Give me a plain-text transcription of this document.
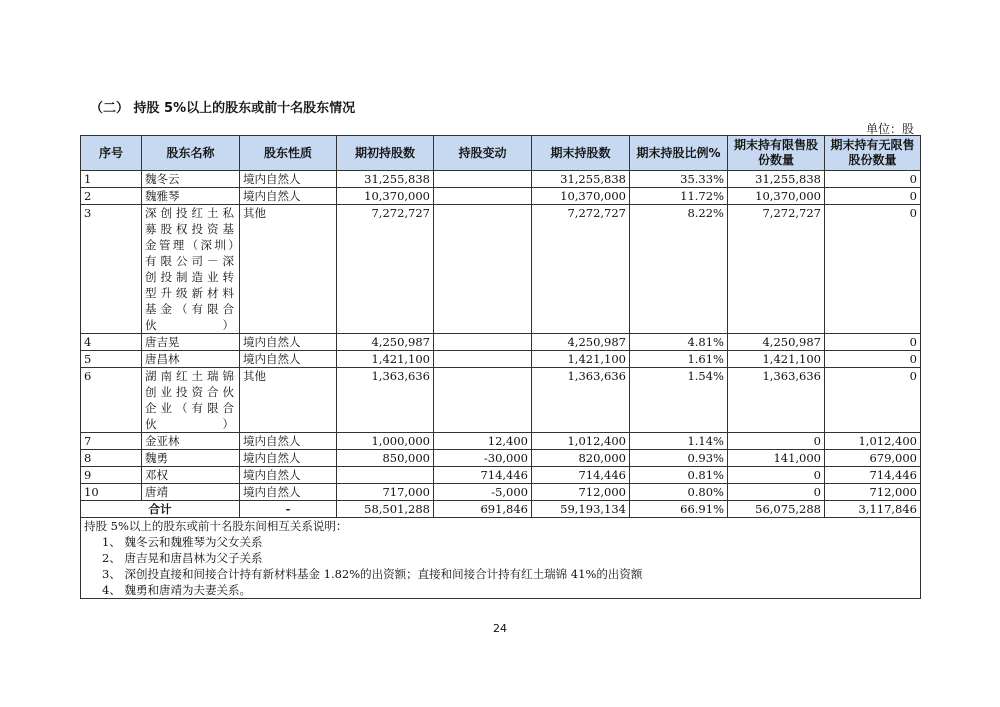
（二） 持股 5%以上的股东或前十名股东情况
单位：股
序号	股东名称	股东性质	期初持股数	持股变动	期末持股数	期末持股比例%	期末持有限售股份数量	期末持有无限售股份数量
1	魏冬云	境内自然人	31,255,838		31,255,838	35.33%	31,255,838	0
2	魏雅琴	境内自然人	10,370,000		10,370,000	11.72%	10,370,000	0
3	深创投红土私募股权投资基金管理（深圳）有限公司－深创投制造业转型升级新材料基金（有限合伙）	其他	7,272,727		7,272,727	8.22%	7,272,727	0
4	唐吉晃	境内自然人	4,250,987		4,250,987	4.81%	4,250,987	0
5	唐昌林	境内自然人	1,421,100		1,421,100	1.61%	1,421,100	0
6	湖南红土瑞锦创业投资合伙企业（有限合伙）	其他	1,363,636		1,363,636	1.54%	1,363,636	0
7	金亚林	境内自然人	1,000,000	12,400	1,012,400	1.14%	0	1,012,400
8	魏勇	境内自然人	850,000	-30,000	820,000	0.93%	141,000	679,000
9	邓权	境内自然人		714,446	714,446	0.81%	0	714,446
10	唐靖	境内自然人	717,000	-5,000	712,000	0.80%	0	712,000
合计		-	58,501,288	691,846	59,193,134	66.91%	56,075,288	3,117,846

持股 5%以上的股东或前十名股东间相互关系说明：
1、 魏冬云和魏雅琴为父女关系
2、 唐吉晃和唐昌林为父子关系
3、 深创投直接和间接合计持有新材料基金 1.82%的出资额；直接和间接合计持有红土瑞锦 41%的出资额
4、 魏勇和唐靖为夫妻关系。								
24
